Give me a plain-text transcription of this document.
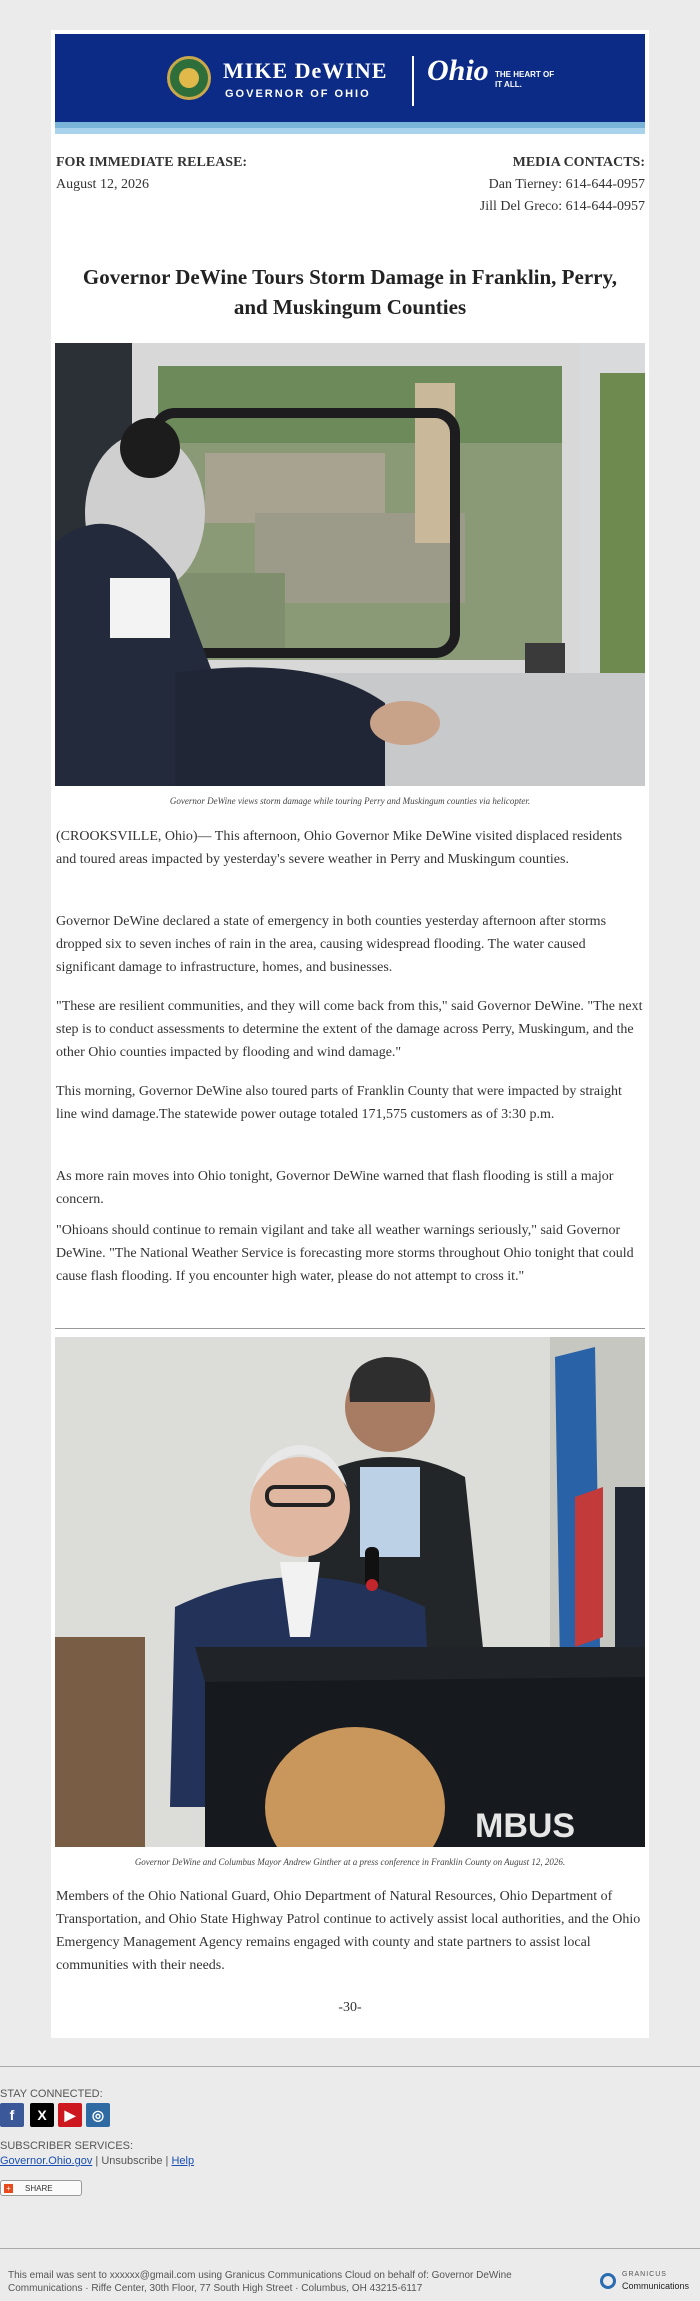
MIKE DeWINE
GOVERNOR OF OHIO
Ohio THE HEART OF IT ALL.
FOR IMMEDIATE RELEASE:
August 12, 2026
MEDIA CONTACTS:
Dan Tierney: 614-644-0957
Jill Del Greco: 614-644-0957
Governor DeWine Tours Storm Damage in Franklin, Perry, and Muskingum Counties
Governor DeWine views storm damage while touring Perry and Muskingum counties via helicopter.
(CROOKSVILLE, Ohio)— This afternoon, Ohio Governor Mike DeWine visited displaced residents and toured areas impacted by yesterday's severe weather in Perry and Muskingum counties.
Governor DeWine declared a state of emergency in both counties yesterday afternoon after storms dropped six to seven inches of rain in the area, causing widespread flooding. The water caused significant damage to infrastructure, homes, and businesses.
"These are resilient communities, and they will come back from this," said Governor DeWine. "The next step is to conduct assessments to determine the extent of the damage across Perry, Muskingum, and the other Ohio counties impacted by flooding and wind damage."
This morning, Governor DeWine also toured parts of Franklin County that were impacted by straight line wind damage.The statewide power outage totaled 171,575 customers as of 3:30 p.m.
As more rain moves into Ohio tonight, Governor DeWine warned that flash flooding is still a major concern.
"Ohioans should continue to remain vigilant and take all weather warnings seriously," said Governor DeWine. "The National Weather Service is forecasting more storms throughout Ohio tonight that could cause flash flooding. If you encounter high water, please do not attempt to cross it."
MBUS
Governor DeWine and Columbus Mayor Andrew Ginther at a press conference in Franklin County on August 12, 2026.
Members of the Ohio National Guard, Ohio Department of Natural Resources, Ohio Department of Transportation, and Ohio State Highway Patrol continue to actively assist local authorities, and the Ohio Emergency Management Agency remains engaged with county and state partners to assist local communities with their needs.
-30-
STAY CONNECTED:
f	X	▶	◎
SUBSCRIBER SERVICES:
Governor.Ohio.gov | Unsubscribe | Help
+ SHARE
This email was sent to xxxxxx@gmail.com using Granicus Communications Cloud on behalf of: Governor DeWine
Communications · Riffe Center, 30th Floor, 77 South High Street · Columbus, OH 43215-6117
GRANICUS
Communications
